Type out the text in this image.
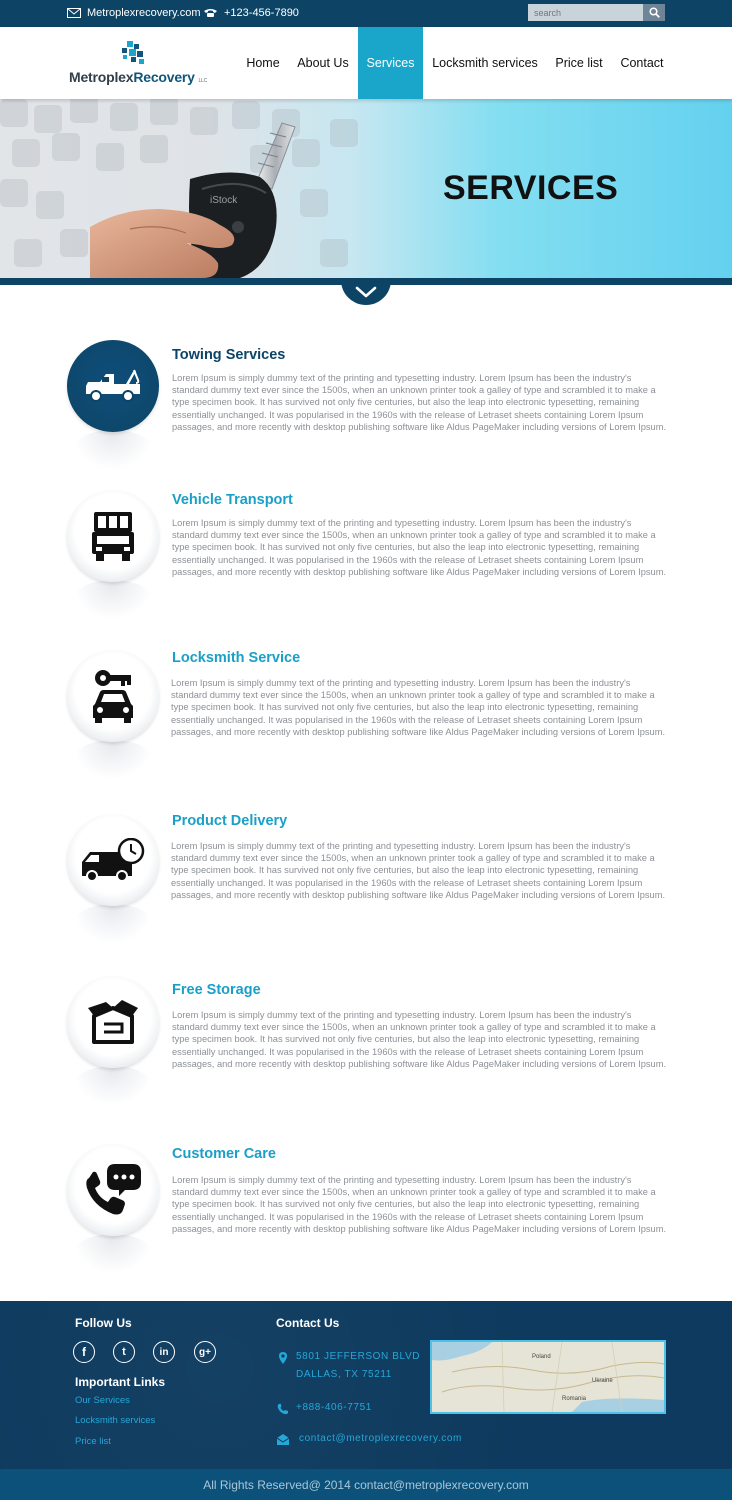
Metroplexrecovery.com +123-456-7890
search
MetroplexRecovery LLC
Home	About Us	Services	Locksmith services	Price list	Contact
iStock	SERVICES
Towing Services
Lorem Ipsum is simply dummy text of the printing and typesetting industry. Lorem Ipsum has been the industry's standard dummy text ever since the 1500s, when an unknown printer took a galley of type and scrambled it to make a type specimen book. It has survived not only five centuries, but also the leap into electronic typesetting, remaining essentially unchanged. It was popularised in the 1960s with the release of Letraset sheets containing Lorem Ipsum passages, and more recently with desktop publishing software like Aldus PageMaker including versions of Lorem Ipsum.
Vehicle Transport
Lorem Ipsum is simply dummy text of the printing and typesetting industry. Lorem Ipsum has been the industry's standard dummy text ever since the 1500s, when an unknown printer took a galley of type and scrambled it to make a type specimen book. It has survived not only five centuries, but also the leap into electronic typesetting, remaining essentially unchanged. It was popularised in the 1960s with the release of Letraset sheets containing Lorem Ipsum passages, and more recently with desktop publishing software like Aldus PageMaker including versions of Lorem Ipsum.
Locksmith Service
Lorem Ipsum is simply dummy text of the printing and typesetting industry. Lorem Ipsum has been the industry's standard dummy text ever since the 1500s, when an unknown printer took a galley of type and scrambled it to make a type specimen book. It has survived not only five centuries, but also the leap into electronic typesetting, remaining essentially unchanged. It was popularised in the 1960s with the release of Letraset sheets containing Lorem Ipsum passages, and more recently with desktop publishing software like Aldus PageMaker including versions of Lorem Ipsum.
Product Delivery
Lorem Ipsum is simply dummy text of the printing and typesetting industry. Lorem Ipsum has been the industry's standard dummy text ever since the 1500s, when an unknown printer took a galley of type and scrambled it to make a type specimen book. It has survived not only five centuries, but also the leap into electronic typesetting, remaining essentially unchanged. It was popularised in the 1960s with the release of Letraset sheets containing Lorem Ipsum passages, and more recently with desktop publishing software like Aldus PageMaker including versions of Lorem Ipsum.
Free Storage
Lorem Ipsum is simply dummy text of the printing and typesetting industry. Lorem Ipsum has been the industry's standard dummy text ever since the 1500s, when an unknown printer took a galley of type and scrambled it to make a type specimen book. It has survived not only five centuries, but also the leap into electronic typesetting, remaining essentially unchanged. It was popularised in the 1960s with the release of Letraset sheets containing Lorem Ipsum passages, and more recently with desktop publishing software like Aldus PageMaker including versions of Lorem Ipsum.
Customer Care
Lorem Ipsum is simply dummy text of the printing and typesetting industry. Lorem Ipsum has been the industry's standard dummy text ever since the 1500s, when an unknown printer took a galley of type and scrambled it to make a type specimen book. It has survived not only five centuries, but also the leap into electronic typesetting, remaining essentially unchanged. It was popularised in the 1960s with the release of Letraset sheets containing Lorem Ipsum passages, and more recently with desktop publishing software like Aldus PageMaker including versions of Lorem Ipsum.
Follow Us
f	t	in	g+
Important Links
Our Services
Locksmith services
Price list
Contact Us
5801 JEFFERSON BLVD
DALLAS, TX 75211
+888-406-7751
contact@metroplexrecovery.com
Poland
Ukraine
Romania
All Rights Reserved@ 2014 contact@metroplexrecovery.com
